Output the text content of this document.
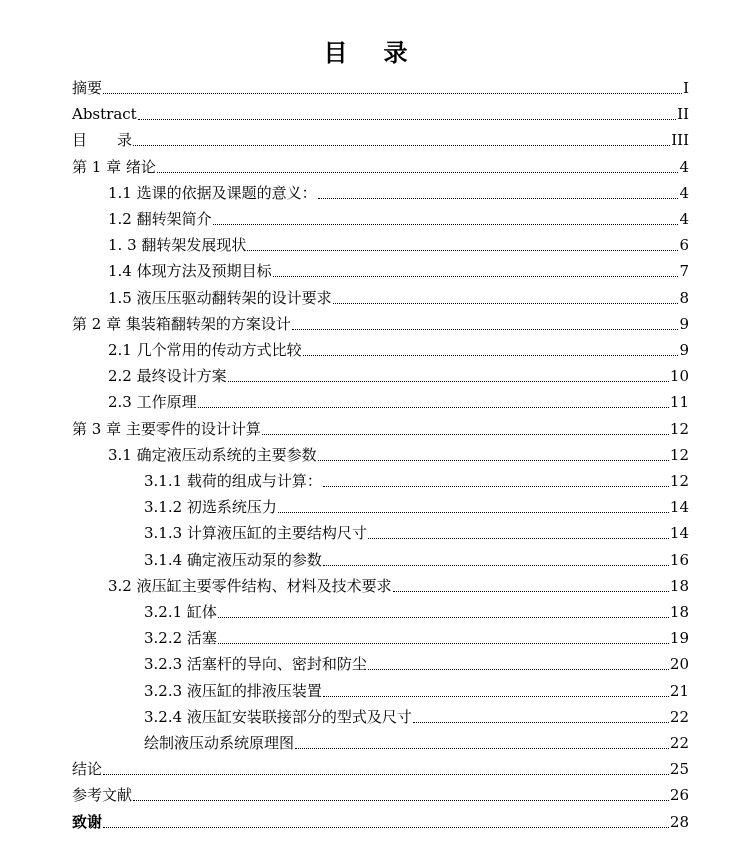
目 录
摘要	I
Abstract	II
目　　录	III
第 1 章 绪论	4
1.1 选课的依据及课题的意义：	4
1.2 翻转架简介	4
1. 3 翻转架发展现状	6
1.4 体现方法及预期目标	7
1.5 液压压驱动翻转架的设计要求	8
第 2 章 集装箱翻转架的方案设计	9
2.1 几个常用的传动方式比较	9
2.2 最终设计方案	10
2.3 工作原理	11
第 3 章 主要零件的设计计算	12
3.1 确定液压动系统的主要参数	12
3.1.1 载荷的组成与计算：	12
3.1.2 初选系统压力	14
3.1.3 计算液压缸的主要结构尺寸	14
3.1.4 确定液压动泵的参数	16
3.2 液压缸主要零件结构、材料及技术要求	18
3.2.1 缸体	18
3.2.2 活塞	19
3.2.3 活塞杆的导向、密封和防尘	20
3.2.3 液压缸的排液压装置	21
3.2.4 液压缸安装联接部分的型式及尺寸	22
绘制液压动系统原理图	22
结论	25
参考文献	26
致谢	28
